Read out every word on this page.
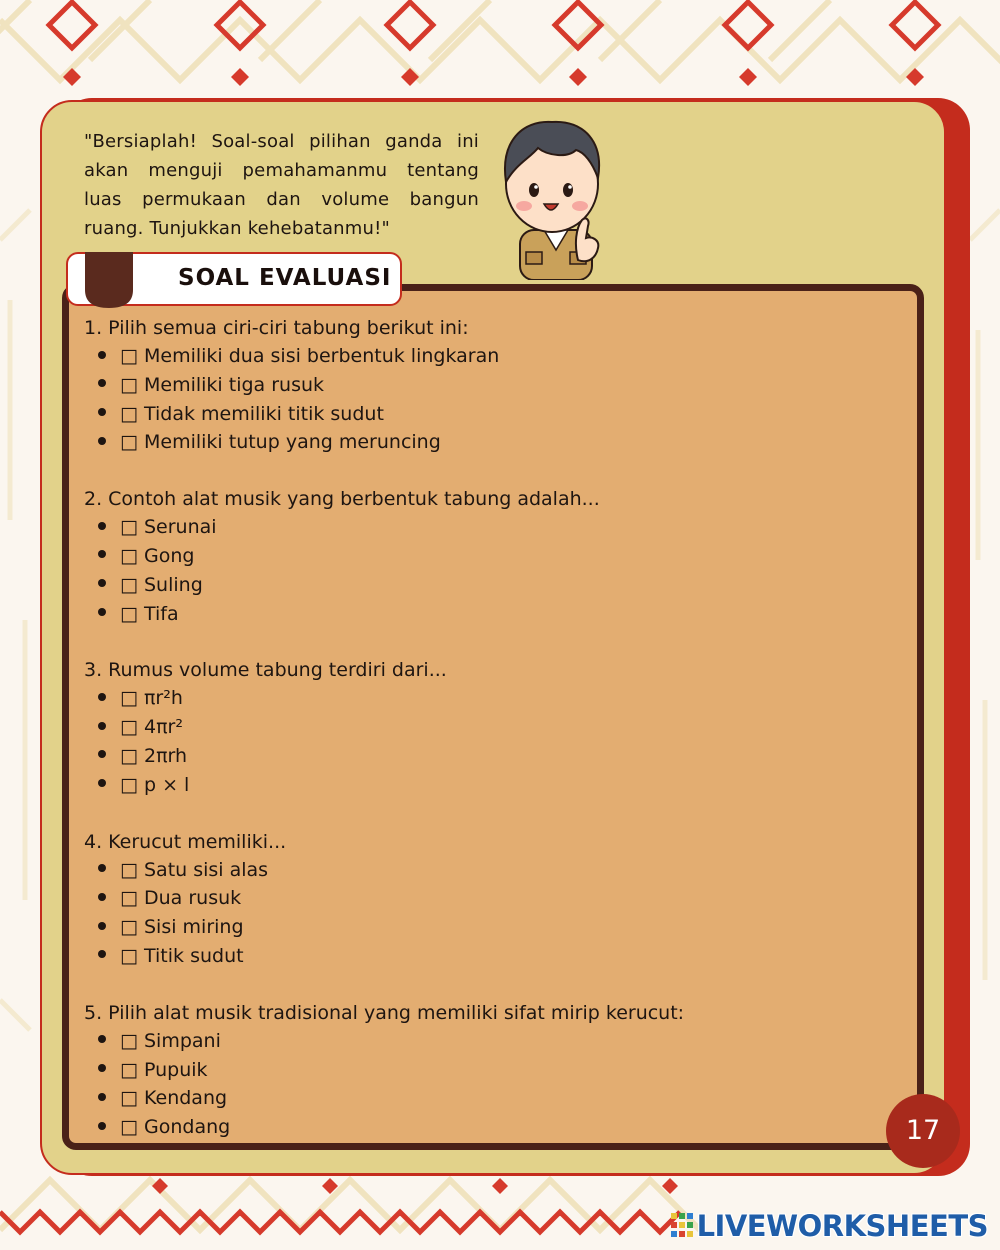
"Bersiaplah! Soal-soal pilihan ganda ini akan menguji pemahamanmu tentang luas permukaan dan volume bangun ruang. Tunjukkan kehebatanmu!"

SOAL EVALUASI
1. Pilih semua ciri-ciri tabung berikut ini:
□ Memiliki dua sisi berbentuk lingkaran
□ Memiliki tiga rusuk
□ Tidak memiliki titik sudut
□ Memiliki tutup yang meruncing
2. Contoh alat musik yang berbentuk tabung adalah...
□ Serunai
□ Gong
□ Suling
□ Tifa
3. Rumus volume tabung terdiri dari...
□ πr²h
□ 4πr²
□ 2πrh
□ p × l
4. Kerucut memiliki...
□ Satu sisi alas
□ Dua rusuk
□ Sisi miring
□ Titik sudut
5. Pilih alat musik tradisional yang memiliki sifat mirip kerucut:
□ Simpani
□ Pupuik
□ Kendang
□ Gondang	17
LIVEWORKSHEETS
